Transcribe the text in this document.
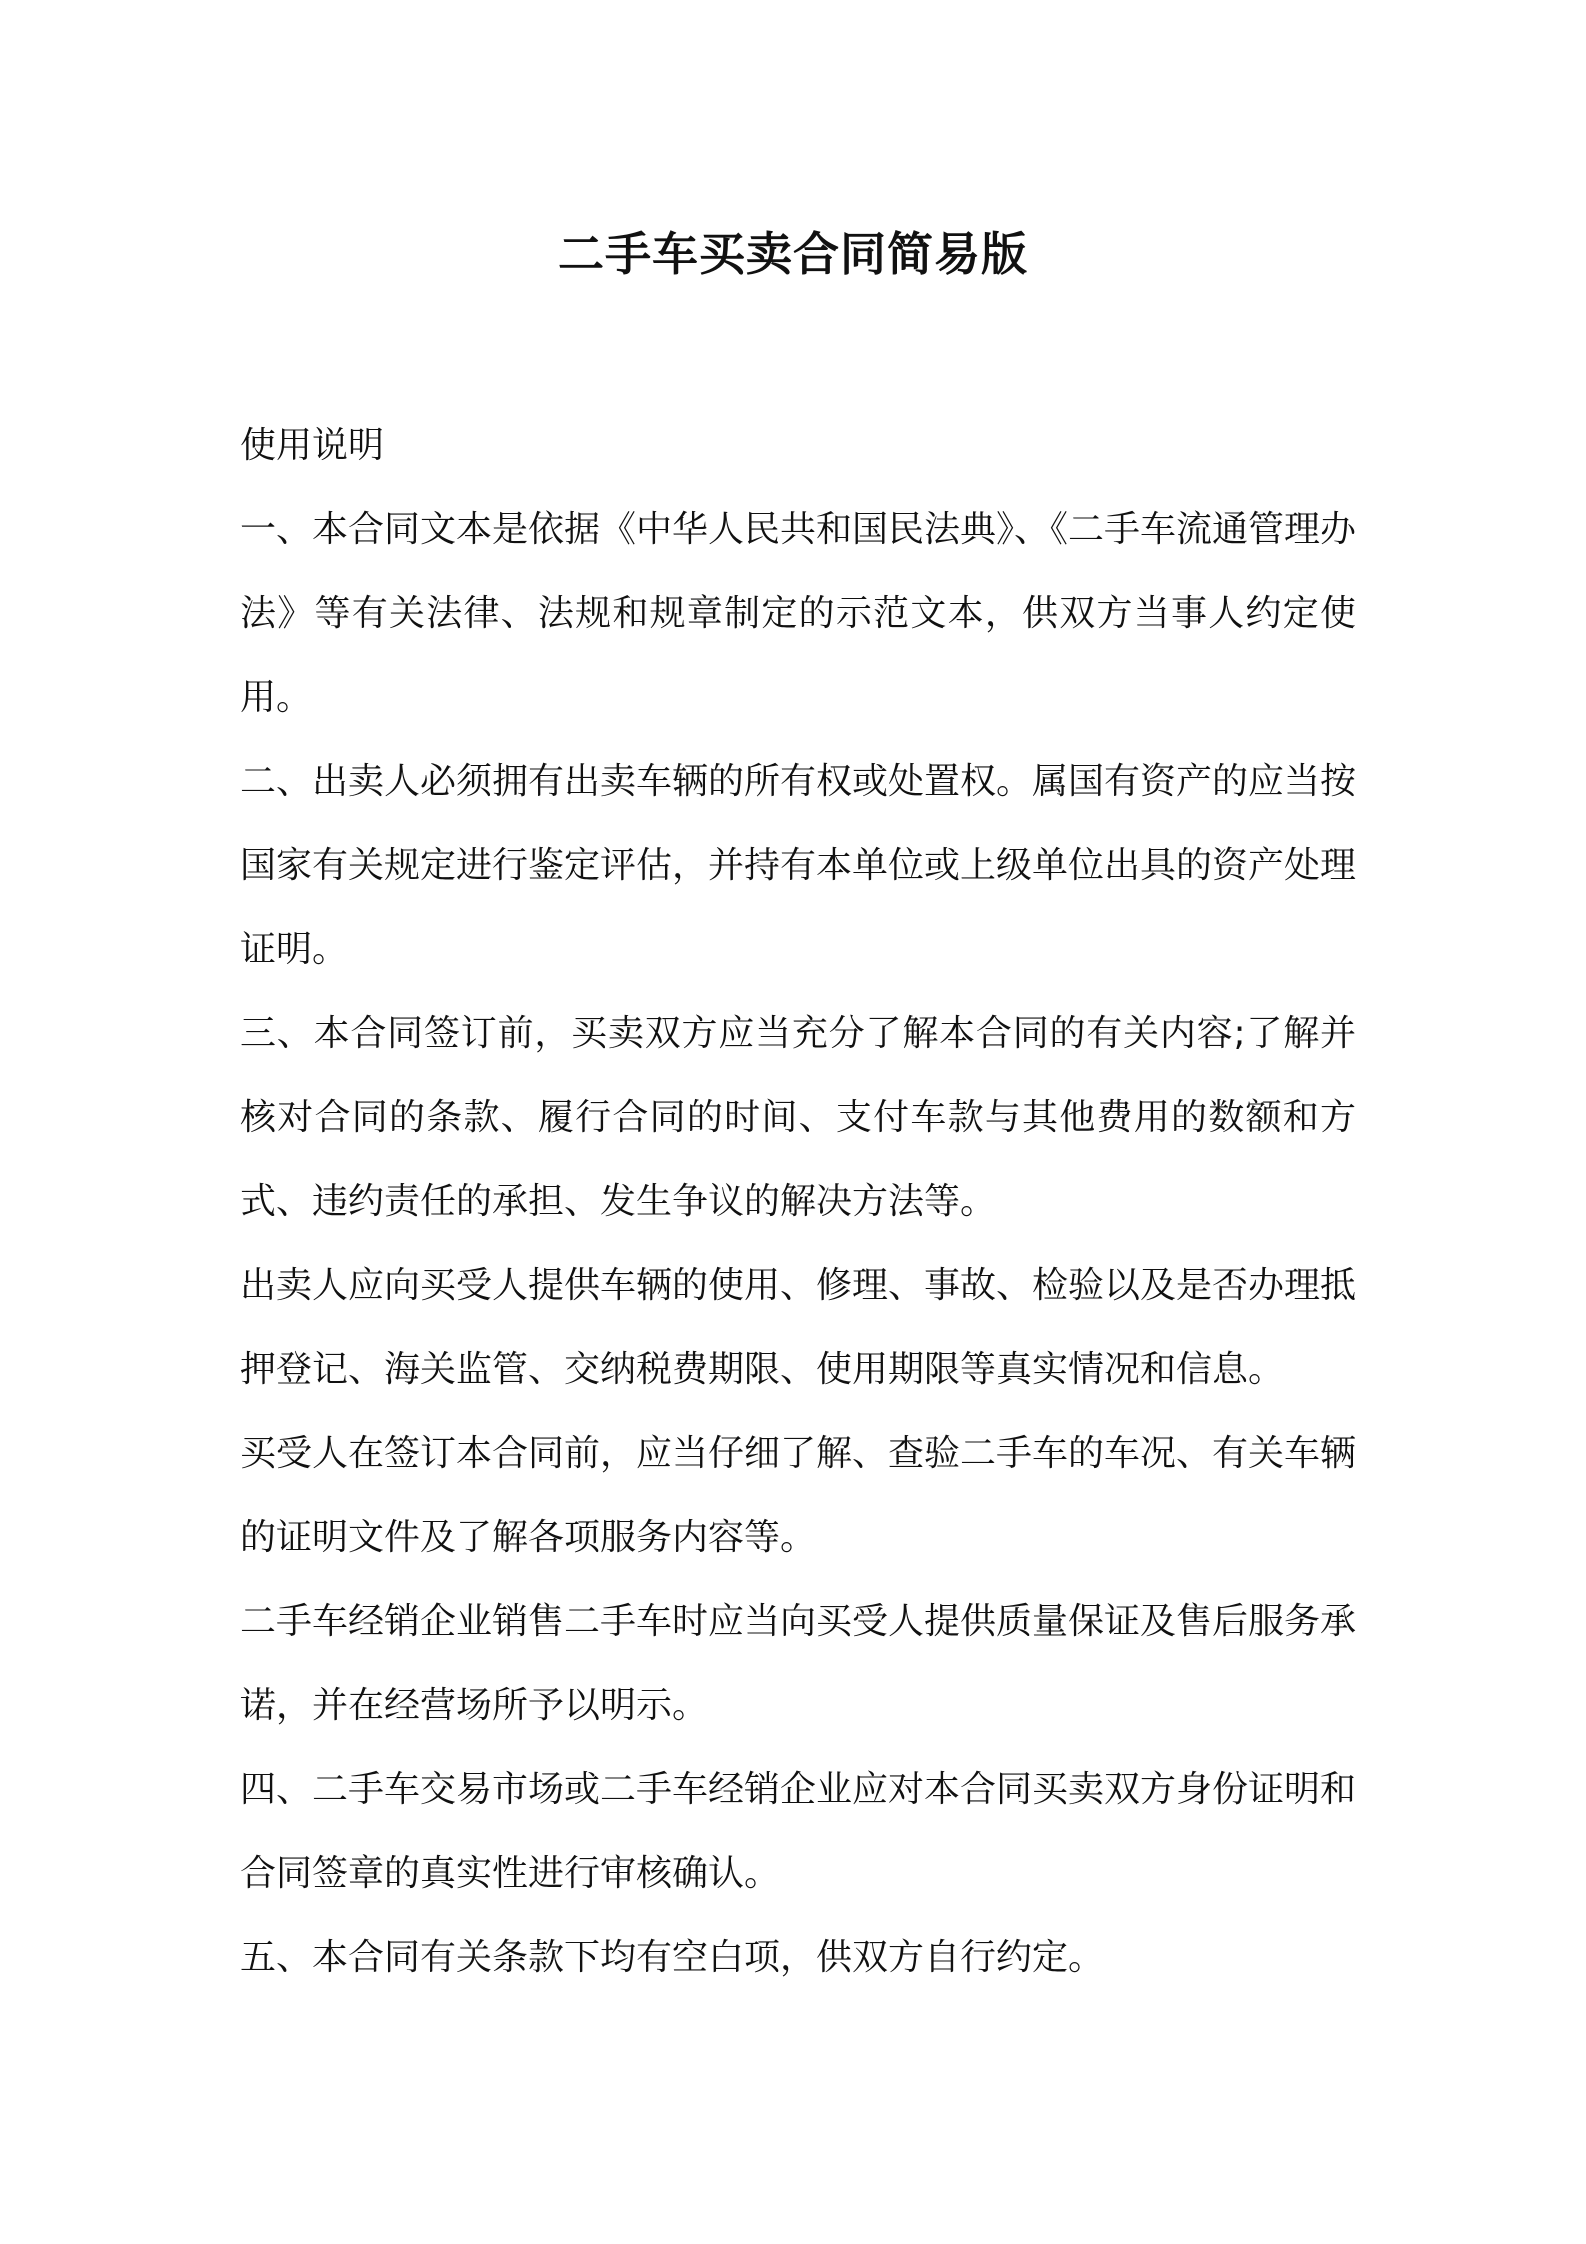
二手车买卖合同简易版

使用说明

一、本合同文本是依据《中华人民共和国民法典》、《二手车流通管理办法》等有关法律、法规和规章制定的示范文本，供双方当事人约定使用。

二、出卖人必须拥有出卖车辆的所有权或处置权。属国有资产的应当按国家有关规定进行鉴定评估，并持有本单位或上级单位出具的资产处理证明。

三、本合同签订前，买卖双方应当充分了解本合同的有关内容;了解并核对合同的条款、履行合同的时间、支付车款与其他费用的数额和方式、违约责任的承担、发生争议的解决方法等。

出卖人应向买受人提供车辆的使用、修理、事故、检验以及是否办理抵押登记、海关监管、交纳税费期限、使用期限等真实情况和信息。

买受人在签订本合同前，应当仔细了解、查验二手车的车况、有关车辆的证明文件及了解各项服务内容等。

二手车经销企业销售二手车时应当向买受人提供质量保证及售后服务承诺，并在经营场所予以明示。

四、二手车交易市场或二手车经销企业应对本合同买卖双方身份证明和合同签章的真实性进行审核确认。

五、本合同有关条款下均有空白项，供双方自行约定。
